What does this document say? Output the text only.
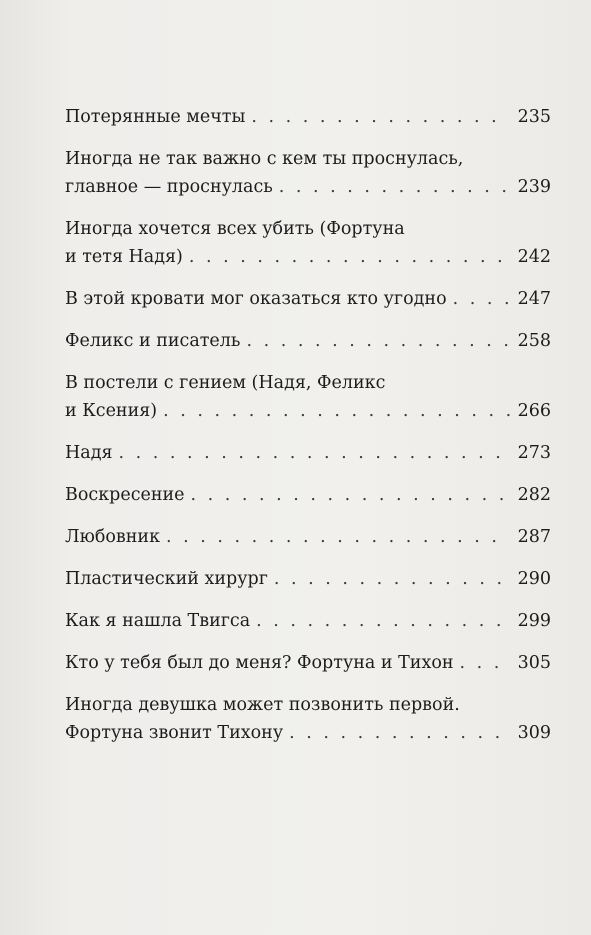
Потерянные мечты . . .	235
Иногда не так важно с кем ты проснулась,
главное — проснулась . . .	239
Иногда хочется всех убить (Фортуна
и тетя Надя) . . .	242
В этой кровати мог оказаться кто угодно . . .	247
Феликс и писатель . . .	258
В постели с гением (Надя, Феликс
и Ксения) . . .	266
Надя . . .	273
Воскресение . . .	282
Любовник . . .	287
Пластический хирург . . .	290
Как я нашла Твигса . . .	299
Кто у тебя был до меня? Фортуна и Тихон . . .	305
Иногда девушка может позвонить первой.
Фортуна звонит Тихону . . .	309
